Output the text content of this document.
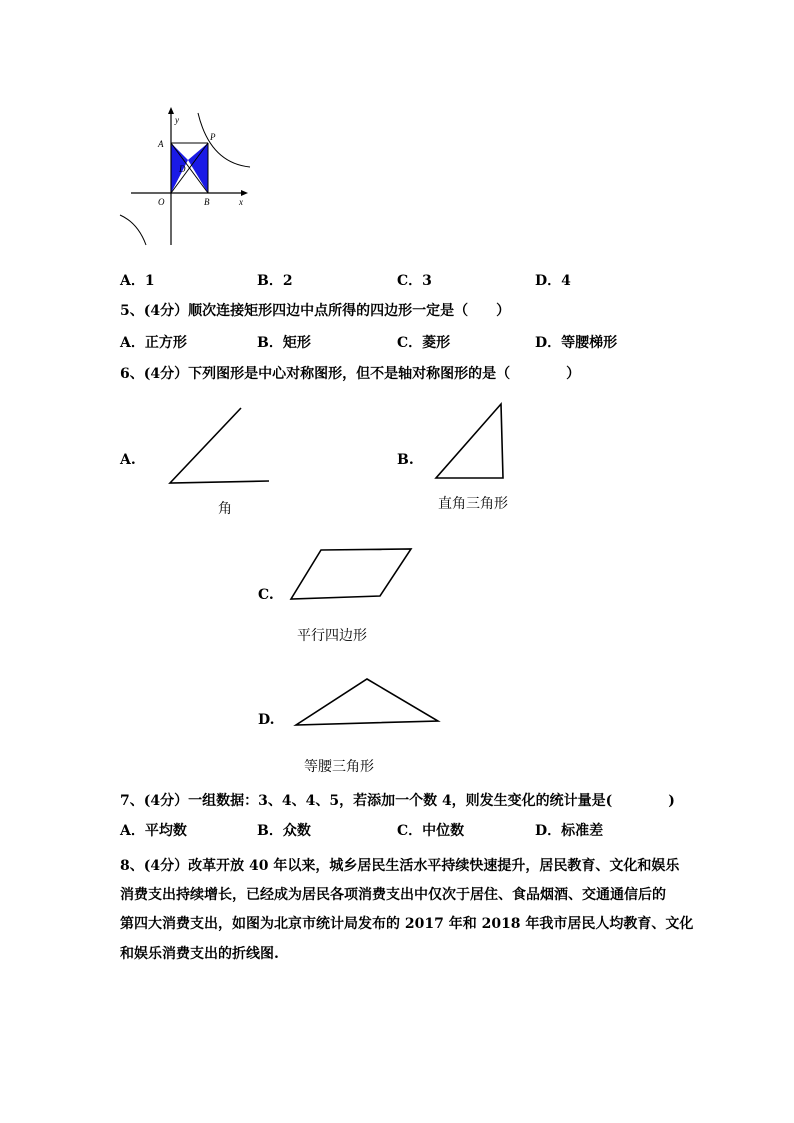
y
x
A
P
D
O	B
A．1	B．2	C．3	D．4
5、(4分）顺次连接矩形四边中点所得的四边形一定是（　　）
A．正方形	B．矩形	C．菱形	D．等腰梯形
6、(4分）下列图形是中心对称图形，但不是轴对称图形的是（　　　　）
A.
角
B.
直角三角形
C.
平行四边形
D.
等腰三角形
7、(4分）一组数据：3、4、4、5，若添加一个数 4，则发生变化的统计量是(　　　　)
A．平均数	B．众数	C．中位数	D．标准差
8、(4分）改革开放 40 年以来，城乡居民生活水平持续快速提升，居民教育、文化和娱乐
消费支出持续增长，已经成为居民各项消费支出中仅次于居住、食品烟酒、交通通信后的
第四大消费支出，如图为北京市统计局发布的 2017 年和 2018 年我市居民人均教育、文化
和娱乐消费支出的折线图.
